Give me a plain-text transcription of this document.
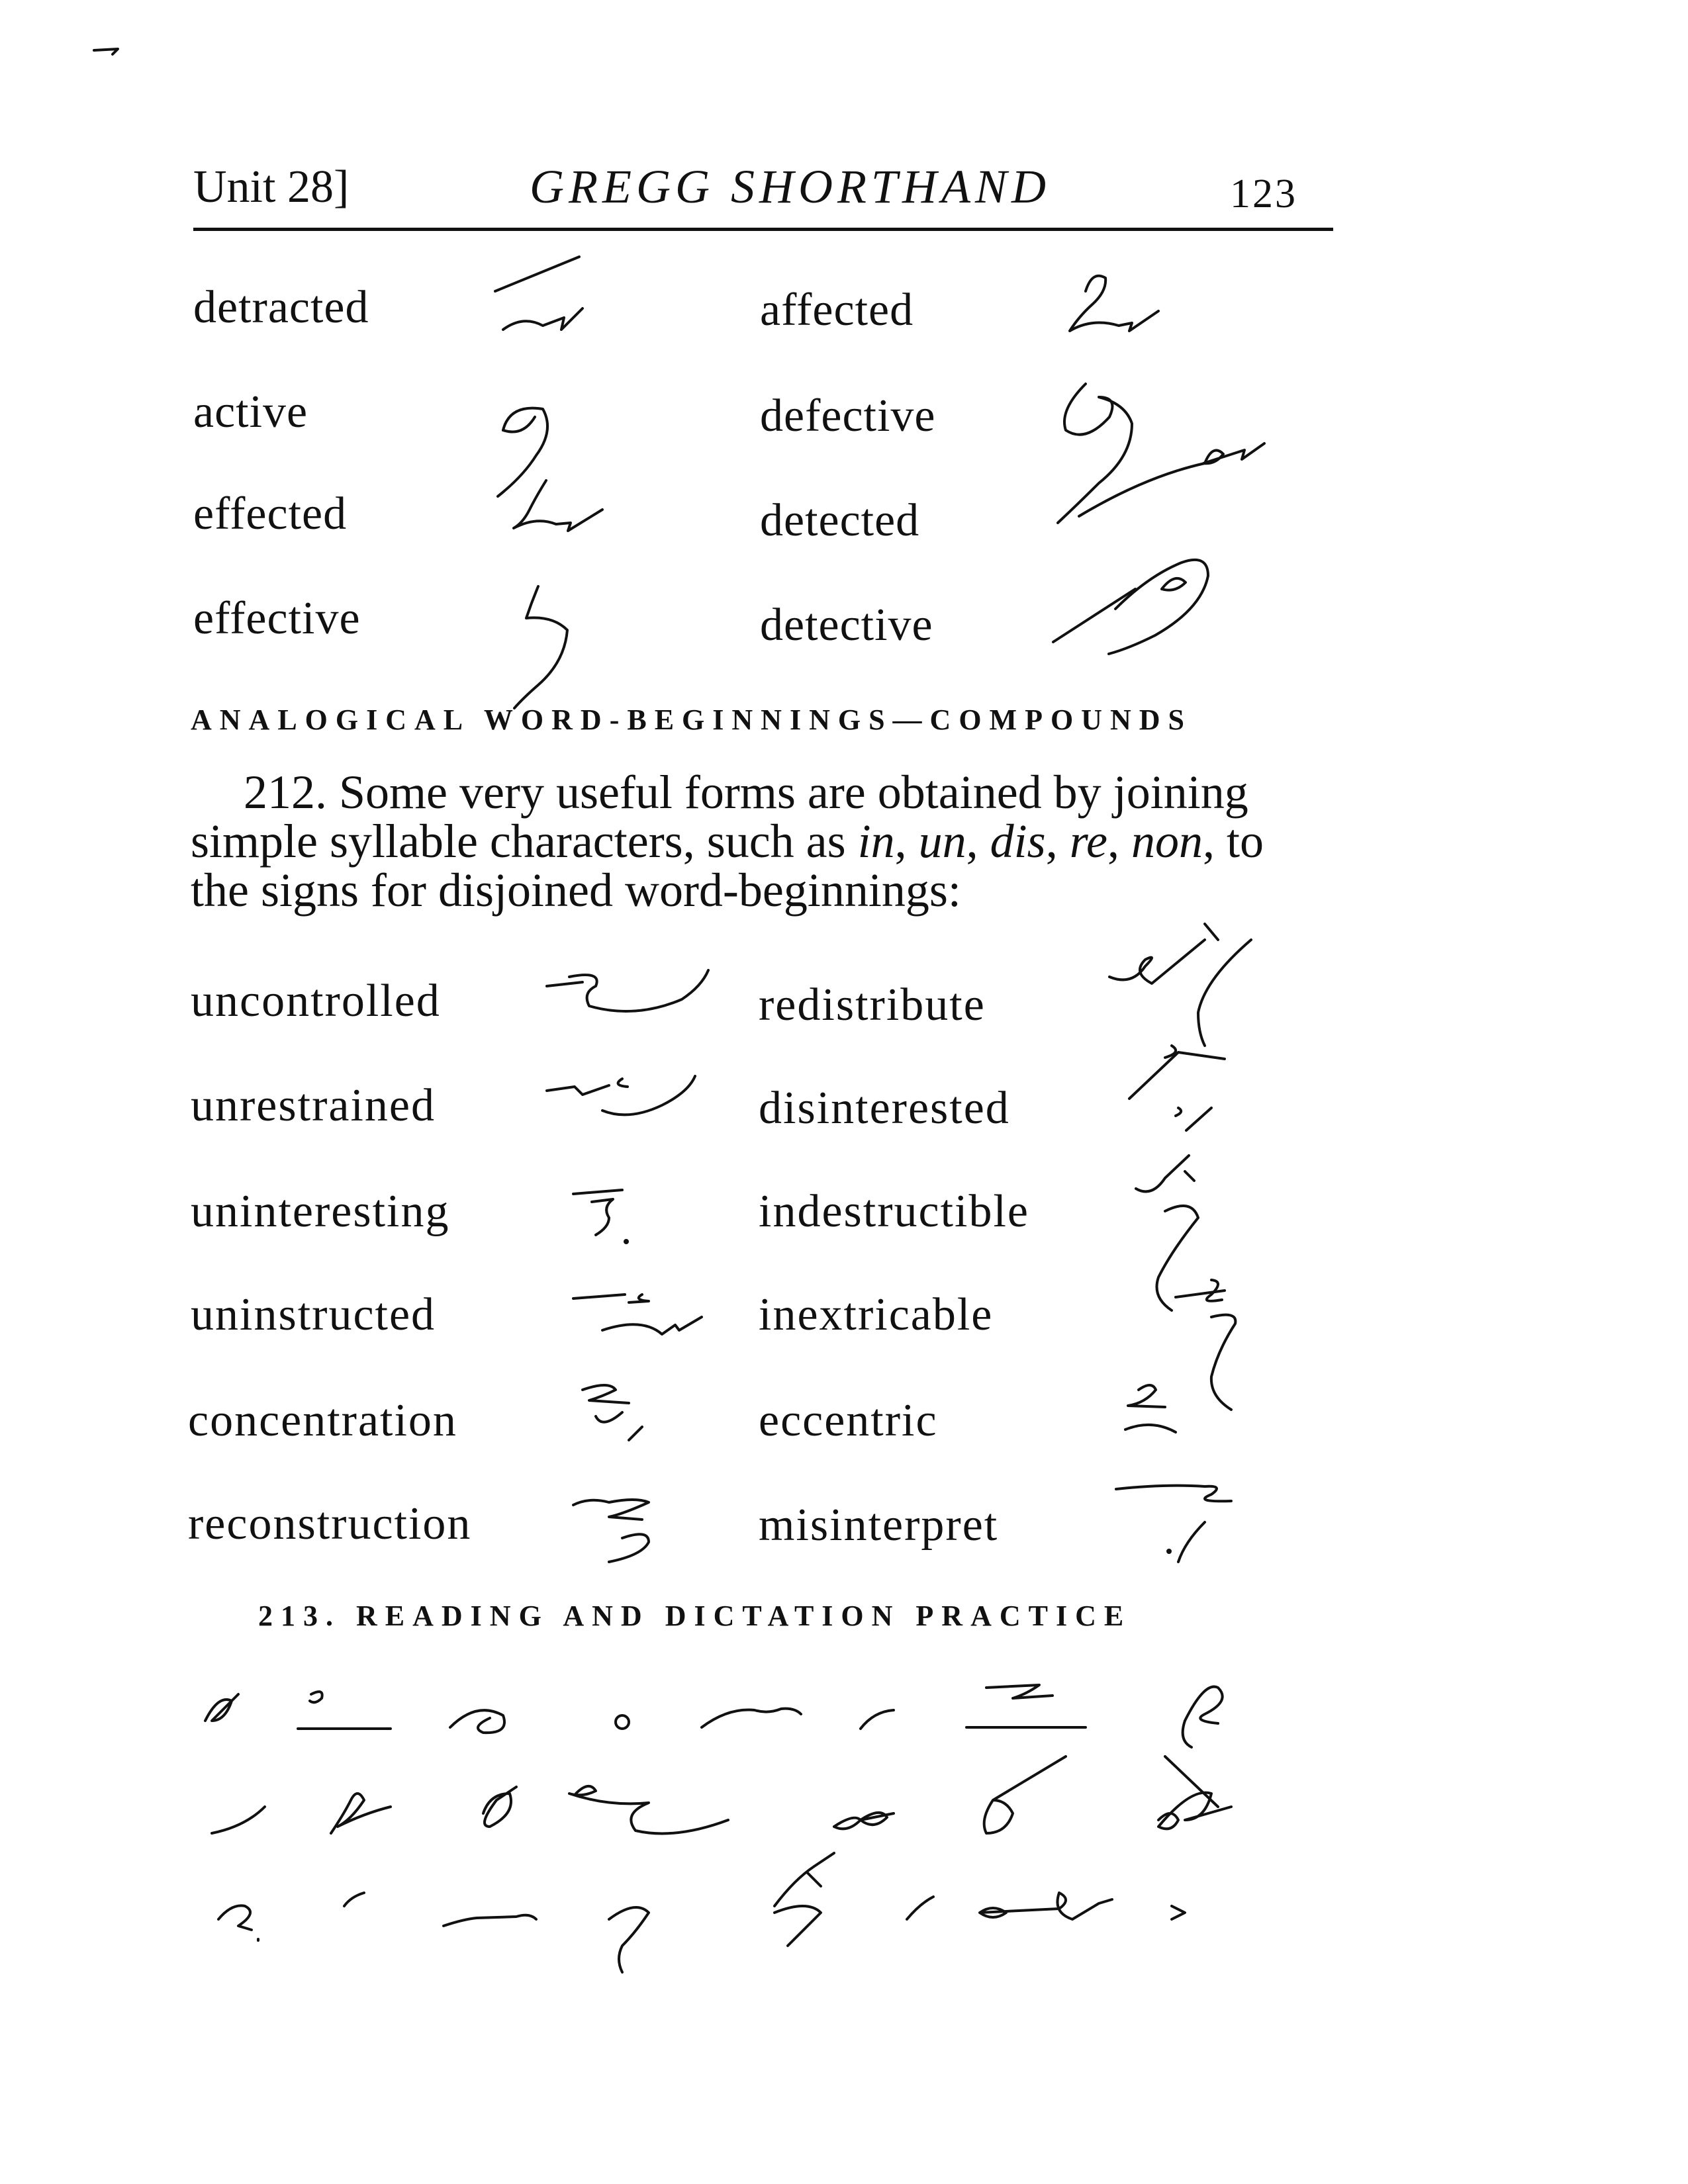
Unit 28]	GREGG SHORTHAND	123
detracted
active
effected
effective
affected
defective
detected
detective
ANALOGICAL WORD-BEGINNINGS—COMPOUNDS
212. Some very useful forms are obtained by joining
simple syllable characters, such as in, un, dis, re, non, to
the signs for disjoined word-beginnings:
uncontrolled
unrestrained
uninteresting
uninstructed
concentration
reconstruction
redistribute
disinterested
indestructible
inextricable
eccentric
misinterpret
213. READING AND DICTATION PRACTICE
